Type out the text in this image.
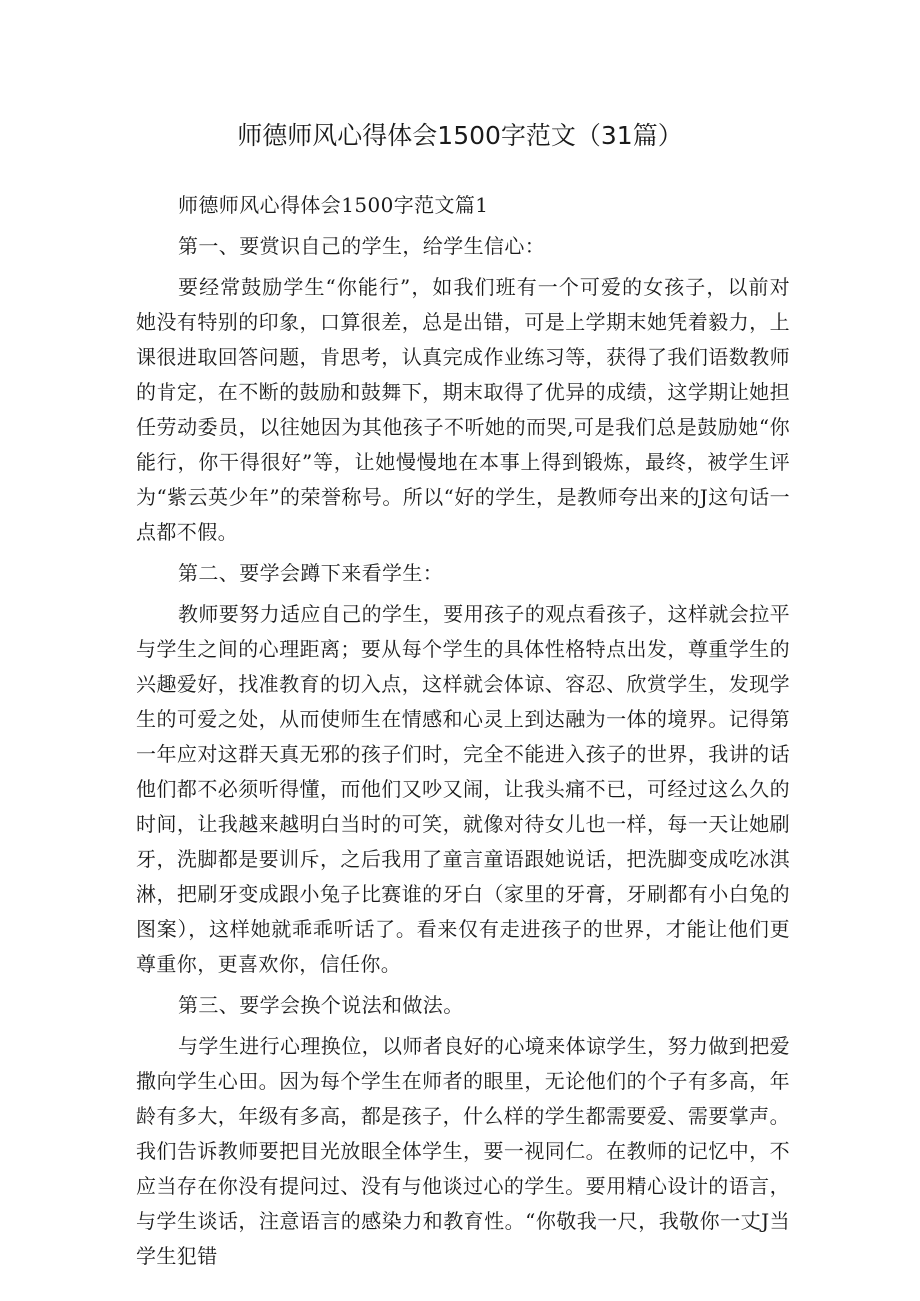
师德师风心得体会1500字范文（31篇）

师德师风心得体会1500字范文篇1

第一、要赏识自己的学生，给学生信心：

要经常鼓励学生“你能行”，如我们班有一个可爱的女孩子，以前对她没有特别的印象，口算很差，总是出错，可是上学期末她凭着毅力，上课很进取回答问题，肯思考，认真完成作业练习等，获得了我们语数教师的肯定，在不断的鼓励和鼓舞下，期末取得了优异的成绩，这学期让她担任劳动委员，以往她因为其他孩子不听她的而哭,可是我们总是鼓励她“你能行，你干得很好”等，让她慢慢地在本事上得到锻炼，最终，被学生评为“紫云英少年”的荣誉称号。所以“好的学生，是教师夸出来的J这句话一点都不假。

第二、要学会蹲下来看学生：

教师要努力适应自己的学生，要用孩子的观点看孩子，这样就会拉平与学生之间的心理距离；要从每个学生的具体性格特点出发，尊重学生的兴趣爱好，找准教育的切入点，这样就会体谅、容忍、欣赏学生，发现学生的可爱之处，从而使师生在情感和心灵上到达融为一体的境界。记得第一年应对这群天真无邪的孩子们时，完全不能进入孩子的世界，我讲的话他们都不必须听得懂，而他们又吵又闹，让我头痛不已，可经过这么久的时间，让我越来越明白当时的可笑，就像对待女儿也一样，每一天让她刷牙，洗脚都是要训斥，之后我用了童言童语跟她说话，把洗脚变成吃冰淇淋，把刷牙变成跟小兔子比赛谁的牙白（家里的牙膏，牙刷都有小白兔的图案），这样她就乖乖听话了。看来仅有走进孩子的世界，才能让他们更尊重你，更喜欢你，信任你。

第三、要学会换个说法和做法。

与学生进行心理换位，以师者良好的心境来体谅学生，努力做到把爱撒向学生心田。因为每个学生在师者的眼里，无论他们的个子有多高，年龄有多大，年级有多高，都是孩子，什么样的学生都需要爱、需要掌声。我们告诉教师要把目光放眼全体学生，要一视同仁。在教师的记忆中，不应当存在你没有提问过、没有与他谈过心的学生。要用精心设计的语言，与学生谈话，注意语言的感染力和教育性。“你敬我一尺，我敬你一丈J当学生犯错
